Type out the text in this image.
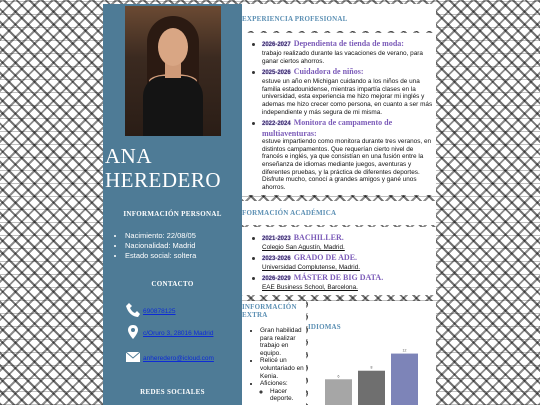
ANA
HEREDERO
INFORMACIÓN PERSONAL
• Nacimiento: 22/08/05
• Nacionalidad: Madrid
• Estado social: soltera
CONTACTO
690878125
c/Oruro 3, 28016 Madrid
anheredero@icloud.com
REDES SOCIALES
EXPERIENCIA PROFESIONAL
2026-2027 Dependienta de tienda de moda:
trabajo realizado durante las vacaciones de verano, para ganar ciertos ahorros.
2025-2026 Cuidadora de niños:
estuve un año en Michigan cuidando a los niños de una familia estadounidense, mientras impartía clases en la universidad, esta experiencia me hizo mejorar mi inglés y ademas me hizo crecer como persona, en cuanto a ser más independiente y más segura de mi misma.
2022-2024 Monitora de campamento de multiaventuras:
estuve impartiendo como monitora durante tres veranos, en distintos campamentos. Que requerían cierto nivel de francés e inglés, ya que consistían en una fusión entre la enseñanza de idiomas mediante juegos, aventuras y diferentes pruebas, y la práctica de diferentes deportes. Disfrute mucho, conocí a grandes amigos y gané unos ahorros.
FORMACIÓN ACADÉMICA
2021-2023 BACHILLER.
Colegio San Agustín, Madrid.
2023-2026 GRADO DE ADE.
Universidad Complutense, Madrid.
2026-2029 MÁSTER DE BIG DATA.
EAE Business School, Barcelona.
INFORMACIÓN
EXTRA
• Gran habilidad para realizar trabajo en equipo.
• Relicé un voluntariado en Kenia.
• Aficiones:
◦ Hacer deporte.
IDIOMAS
6
8
12
